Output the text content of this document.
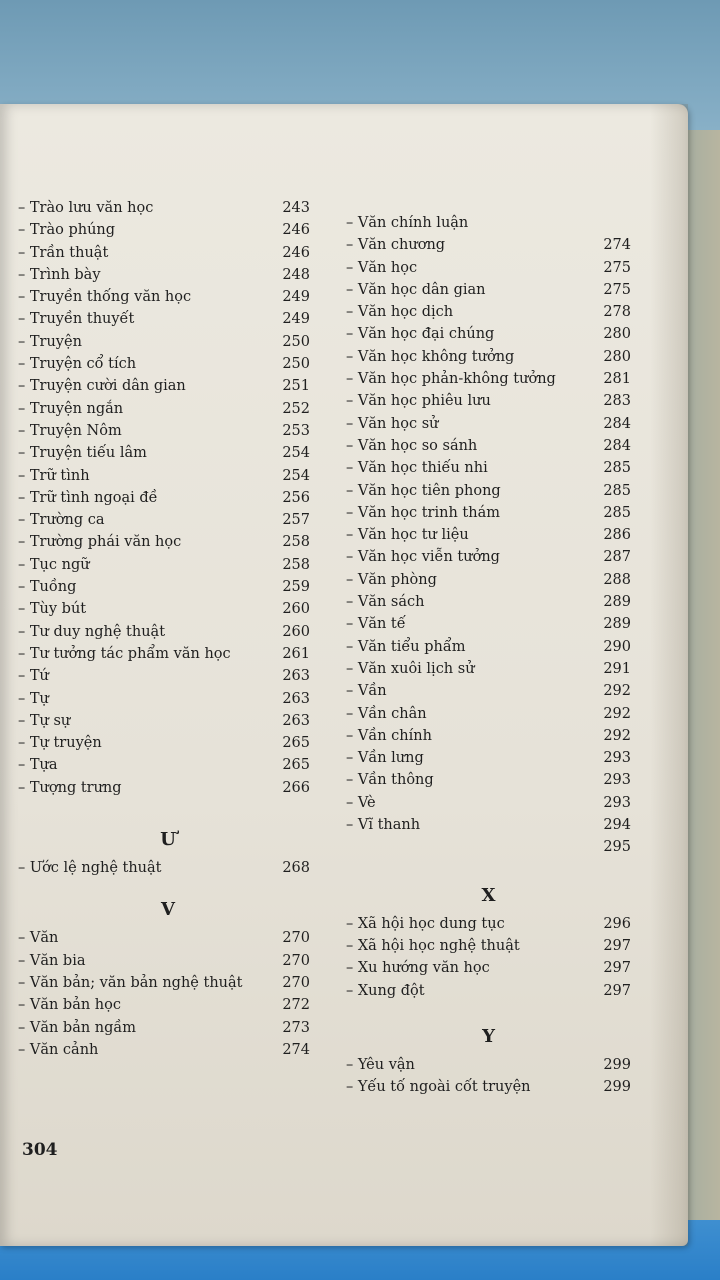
– Trào lưu văn học	243
– Trào phúng	246
– Trần thuật	246
– Trình bày	248
– Truyền thống văn học	249
– Truyền thuyết	249
– Truyện	250
– Truyện cổ tích	250
– Truyện cười dân gian	251
– Truyện ngắn	252
– Truyện Nôm	253
– Truyện tiếu lâm	254
– Trữ tình	254
– Trữ tình ngoại đề	256
– Trường ca	257
– Trường phái văn học	258
– Tục ngữ	258
– Tuồng	259
– Tùy bút	260
– Tư duy nghệ thuật	260
– Tư tưởng tác phẩm văn học	261
– Tứ	263
– Tự	263
– Tự sự	263
– Tự truyện	265
– Tựa	265
– Tượng trưng	266
Ư
– Ước lệ nghệ thuật	268
V
– Văn	270
– Văn bia	270
– Văn bản; văn bản nghệ thuật	270
– Văn bản học	272
– Văn bản ngầm	273
– Văn cảnh	274
– Văn chính luận
– Văn chương	274
– Văn học	275
– Văn học dân gian	275
– Văn học dịch	278
– Văn học đại chúng	280
– Văn học không tưởng	280
– Văn học phản-không tưởng	281
– Văn học phiêu lưu	283
– Văn học sử	284
– Văn học so sánh	284
– Văn học thiếu nhi	285
– Văn học tiên phong	285
– Văn học trinh thám	285
– Văn học tư liệu	286
– Văn học viễn tưởng	287
– Văn phòng	288
– Văn sách	289
– Văn tế	289
– Văn tiểu phẩm	290
– Văn xuôi lịch sử	291
– Vần	292
– Vần chân	292
– Vần chính	292
– Vần lưng	293
– Vần thông	293
– Vè	293
– Vĩ thanh	294
295
X
– Xã hội học dung tục	296
– Xã hội học nghệ thuật	297
– Xu hướng văn học	297
– Xung đột	297
Y
– Yêu vận	299
– Yếu tố ngoài cốt truyện	299
304
